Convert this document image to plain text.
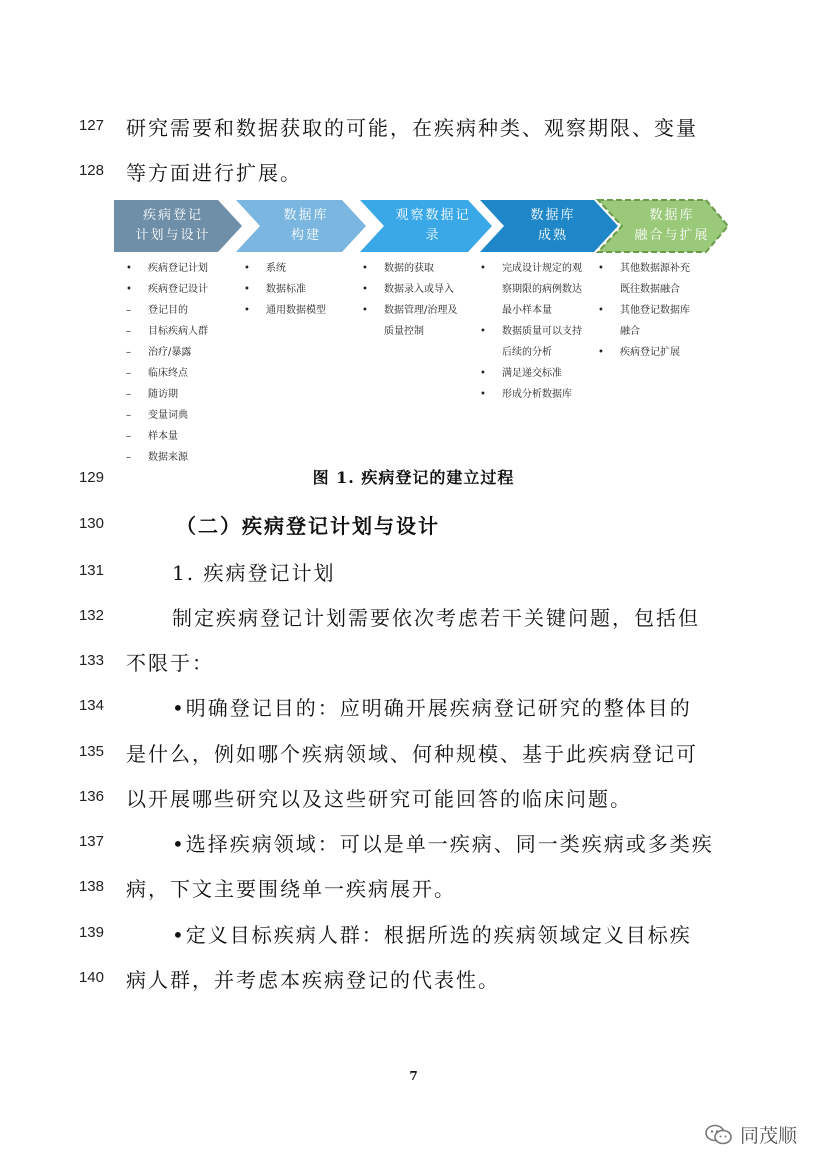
127 研究需要和数据获取的可能，在疾病种类、观察期限、变量
128 等方面进行扩展。
疾病登记
计划与设计
数据库
构建
观察数据记
录
数据库
成熟
数据库
融合与扩展
• 疾病登记计划
• 疾病登记设计
– 登记目的
– 目标疾病人群
– 治疗/暴露
– 临床终点
– 随访期
– 变量词典
– 样本量
– 数据来源
• 系统
• 数据标准
• 通用数据模型
• 数据的获取
• 数据录入或导入
• 数据管理/治理及
质量控制
• 完成设计规定的观
察期限的病例数达
最小样本量
• 数据质量可以支持
后续的分析
• 满足递交标准
• 形成分析数据库
• 其他数据源补充
既往数据融合
• 其他登记数据库
融合
• 疾病登记扩展
129	图 1. 疾病登记的建立过程
130	（二）疾病登记计划与设计
131	1. 疾病登记计划
132	制定疾病登记计划需要依次考虑若干关键问题，包括但
133 不限于：
134	•明确登记目的：应明确开展疾病登记研究的整体目的
135 是什么，例如哪个疾病领域、何种规模、基于此疾病登记可
136 以开展哪些研究以及这些研究可能回答的临床问题。
137	•选择疾病领域：可以是单一疾病、同一类疾病或多类疾
138 病，下文主要围绕单一疾病展开。
139	•定义目标疾病人群：根据所选的疾病领域定义目标疾
140 病人群，并考虑本疾病登记的代表性。
7
同茂顺
